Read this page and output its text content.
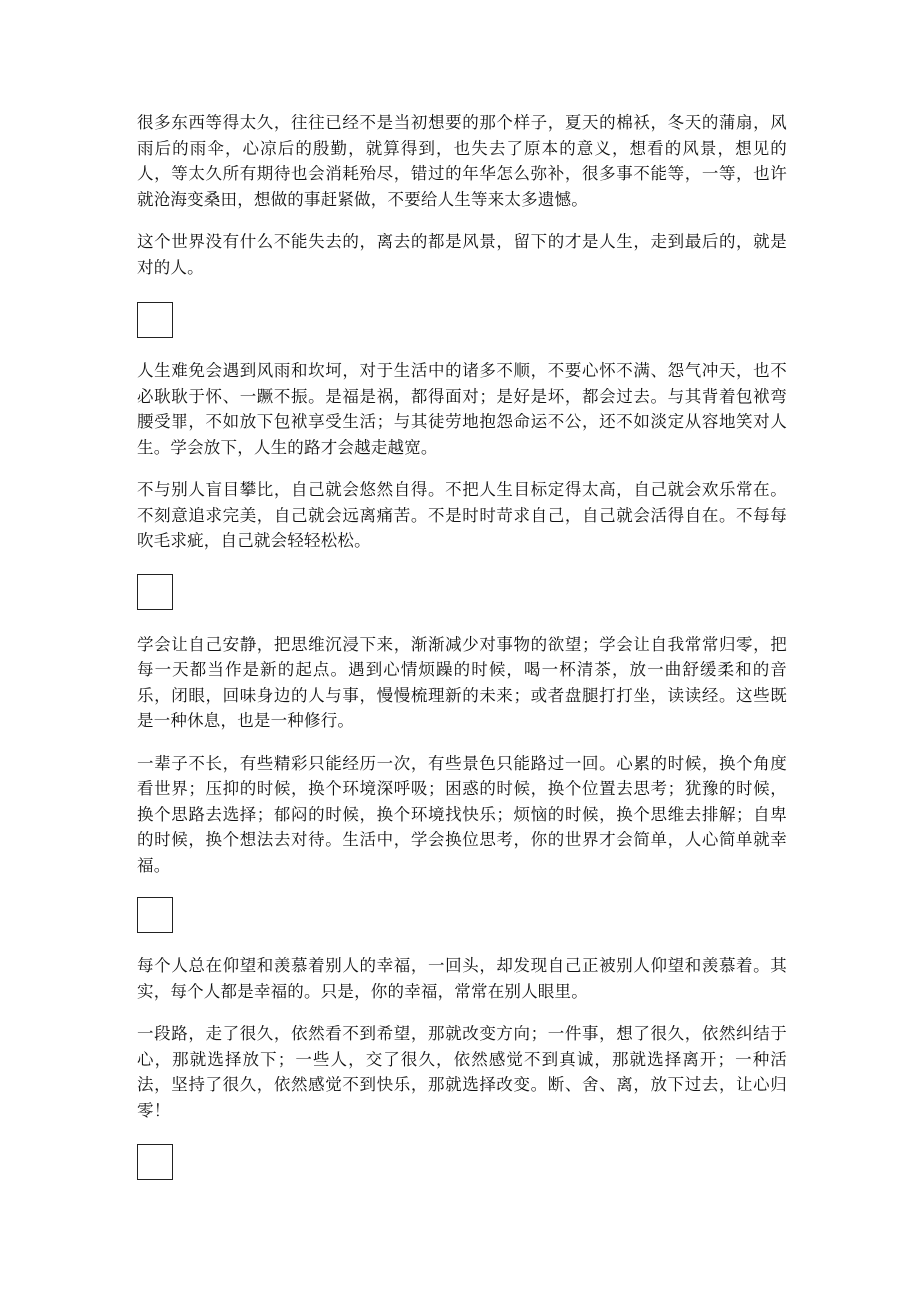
很多东西等得太久，往往已经不是当初想要的那个样子，夏天的棉袄，冬天的蒲扇，风雨后的雨伞，心凉后的殷勤，就算得到，也失去了原本的意义，想看的风景，想见的人，等太久所有期待也会消耗殆尽，错过的年华怎么弥补，很多事不能等，一等，也许就沧海变桑田，想做的事赶紧做，不要给人生等来太多遗憾。

这个世界没有什么不能失去的，离去的都是风景，留下的才是人生，走到最后的，就是对的人。

人生难免会遇到风雨和坎坷，对于生活中的诸多不顺，不要心怀不满、怨气冲天，也不必耿耿于怀、一蹶不振。是福是祸，都得面对；是好是坏，都会过去。与其背着包袱弯腰受罪，不如放下包袱享受生活；与其徒劳地抱怨命运不公，还不如淡定从容地笑对人生。学会放下，人生的路才会越走越宽。

不与别人盲目攀比，自己就会悠然自得。不把人生目标定得太高，自己就会欢乐常在。不刻意追求完美，自己就会远离痛苦。不是时时苛求自己，自己就会活得自在。不每每吹毛求疵，自己就会轻轻松松。

学会让自己安静，把思维沉浸下来，渐渐减少对事物的欲望；学会让自我常常归零，把每一天都当作是新的起点。遇到心情烦躁的时候，喝一杯清茶，放一曲舒缓柔和的音乐，闭眼，回味身边的人与事，慢慢梳理新的未来；或者盘腿打打坐，读读经。这些既是一种休息，也是一种修行。

一辈子不长，有些精彩只能经历一次，有些景色只能路过一回。心累的时候，换个角度看世界；压抑的时候，换个环境深呼吸；困惑的时候，换个位置去思考；犹豫的时候，换个思路去选择；郁闷的时候，换个环境找快乐；烦恼的时候，换个思维去排解；自卑的时候，换个想法去对待。生活中，学会换位思考，你的世界才会简单，人心简单就幸福。

每个人总在仰望和羡慕着别人的幸福，一回头，却发现自己正被别人仰望和羡慕着。其实，每个人都是幸福的。只是，你的幸福，常常在别人眼里。

一段路，走了很久，依然看不到希望，那就改变方向；一件事，想了很久，依然纠结于心，那就选择放下；一些人，交了很久，依然感觉不到真诚，那就选择离开；一种活法，坚持了很久，依然感觉不到快乐，那就选择改变。断、舍、离，放下过去，让心归零！
